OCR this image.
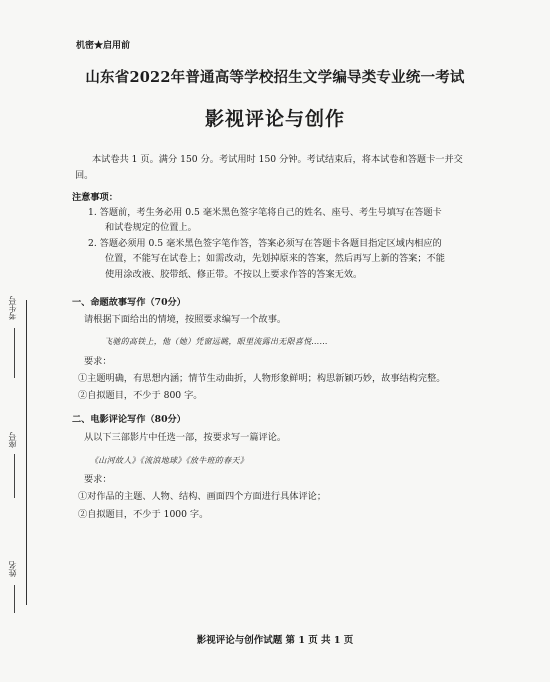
考生号
座号
姓名
机密★启用前
山东省2022年普通高等学校招生文学编导类专业统一考试
影视评论与创作
本试卷共 1 页。满分 150 分。考试用时 150 分钟。考试结束后，将本试卷和答题卡一并交
回。
注意事项：
1. 答题前，考生务必用 0.5 毫米黑色签字笔将自己的姓名、座号、考生号填写在答题卡
和试卷规定的位置上。
2. 答题必须用 0.5 毫米黑色签字笔作答，答案必须写在答题卡各题目指定区域内相应的
位置，不能写在试卷上；如需改动，先划掉原来的答案，然后再写上新的答案；不能
使用涂改液、胶带纸、修正带。不按以上要求作答的答案无效。
一、命题故事写作（70分）
请根据下面给出的情境，按照要求编写一个故事。
飞驰的高铁上，他（她）凭窗远眺，眼里流露出无限喜悦……
要求：
①主题明确，有思想内涵；情节生动曲折，人物形象鲜明；构思新颖巧妙，故事结构完整。
②自拟题目，不少于 800 字。
二、电影评论写作（80分）
从以下三部影片中任选一部，按要求写一篇评论。
《山河故人》《流浪地球》《放牛班的春天》
要求：
①对作品的主题、人物、结构、画面四个方面进行具体评论；
②自拟题目，不少于 1000 字。
影视评论与创作试题 第 1 页 共 1 页
